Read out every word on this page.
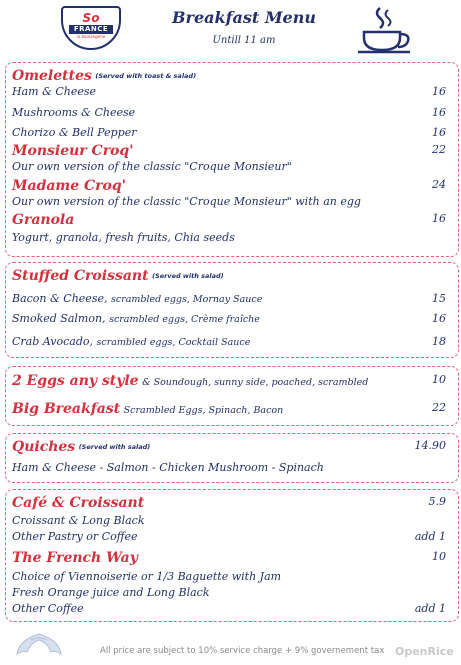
So
FRANCE
la boulangerie
Breakfast Menu
Untill 11 am
Omelettes (Served with toast & salad)
Ham & Cheese	16
Mushrooms & Cheese	16
Chorizo & Bell Pepper	16
Monsieur Croq'	22
Our own version of the classic "Croque Monsieur"
Madame Croq'	24
Our own version of the classic "Croque Monsieur" with an egg
Granola	16
Yogurt, granola, fresh fruits, Chia seeds
Stuffed Croissant (Served with salad)
Bacon & Cheese, scrambled eggs, Mornay Sauce	15
Smoked Salmon, scrambled eggs, Crème fraîche	16
Crab Avocado, scrambled eggs, Cocktail Sauce	18
2 Eggs any style & Soundough, sunny side, poached, scrambled	10
Big Breakfast Scrambled Eggs, Spinach, Bacon	22
Quiches (Served with salad)	14.90
Ham & Cheese - Salmon - Chicken Mushroom - Spinach
Café & Croissant	5.9
Croissant & Long Black
Other Pastry or Coffee	add 1
The French Way	10
Choice of Viennoiserie or 1/3 Baguette with Jam
Fresh Orange juice and Long Black
Other Coffee	add 1
All price are subject to 10% service charge + 9% governement tax OpenRice
